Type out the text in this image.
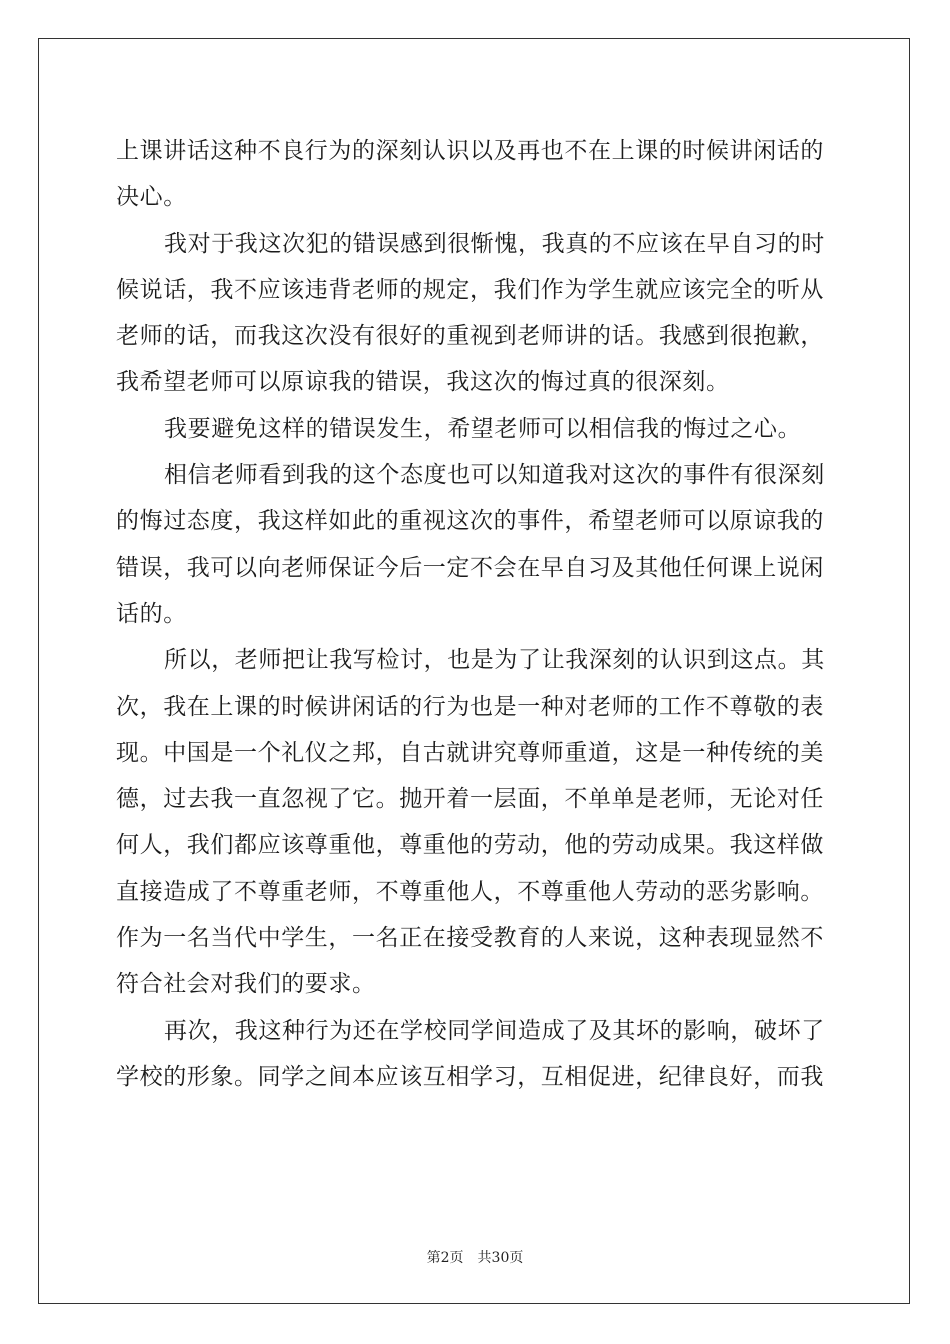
上课讲话这种不良行为的深刻认识以及再也不在上课的时候讲闲话的
决心。
我对于我这次犯的错误感到很惭愧，我真的不应该在早自习的时
候说话，我不应该违背老师的规定，我们作为学生就应该完全的听从
老师的话，而我这次没有很好的重视到老师讲的话。我感到很抱歉，
我希望老师可以原谅我的错误，我这次的悔过真的很深刻。
我要避免这样的错误发生，希望老师可以相信我的悔过之心。
相信老师看到我的这个态度也可以知道我对这次的事件有很深刻
的悔过态度，我这样如此的重视这次的事件，希望老师可以原谅我的
错误，我可以向老师保证今后一定不会在早自习及其他任何课上说闲
话的。
所以，老师把让我写检讨，也是为了让我深刻的认识到这点。其
次，我在上课的时候讲闲话的行为也是一种对老师的工作不尊敬的表
现。中国是一个礼仪之邦，自古就讲究尊师重道，这是一种传统的美
德，过去我一直忽视了它。抛开着一层面，不单单是老师，无论对任
何人，我们都应该尊重他，尊重他的劳动，他的劳动成果。我这样做
直接造成了不尊重老师，不尊重他人，不尊重他人劳动的恶劣影响。
作为一名当代中学生，一名正在接受教育的人来说，这种表现显然不
符合社会对我们的要求。
再次，我这种行为还在学校同学间造成了及其坏的影响，破坏了
学校的形象。同学之间本应该互相学习，互相促进，纪律良好，而我
第2页 共30页
